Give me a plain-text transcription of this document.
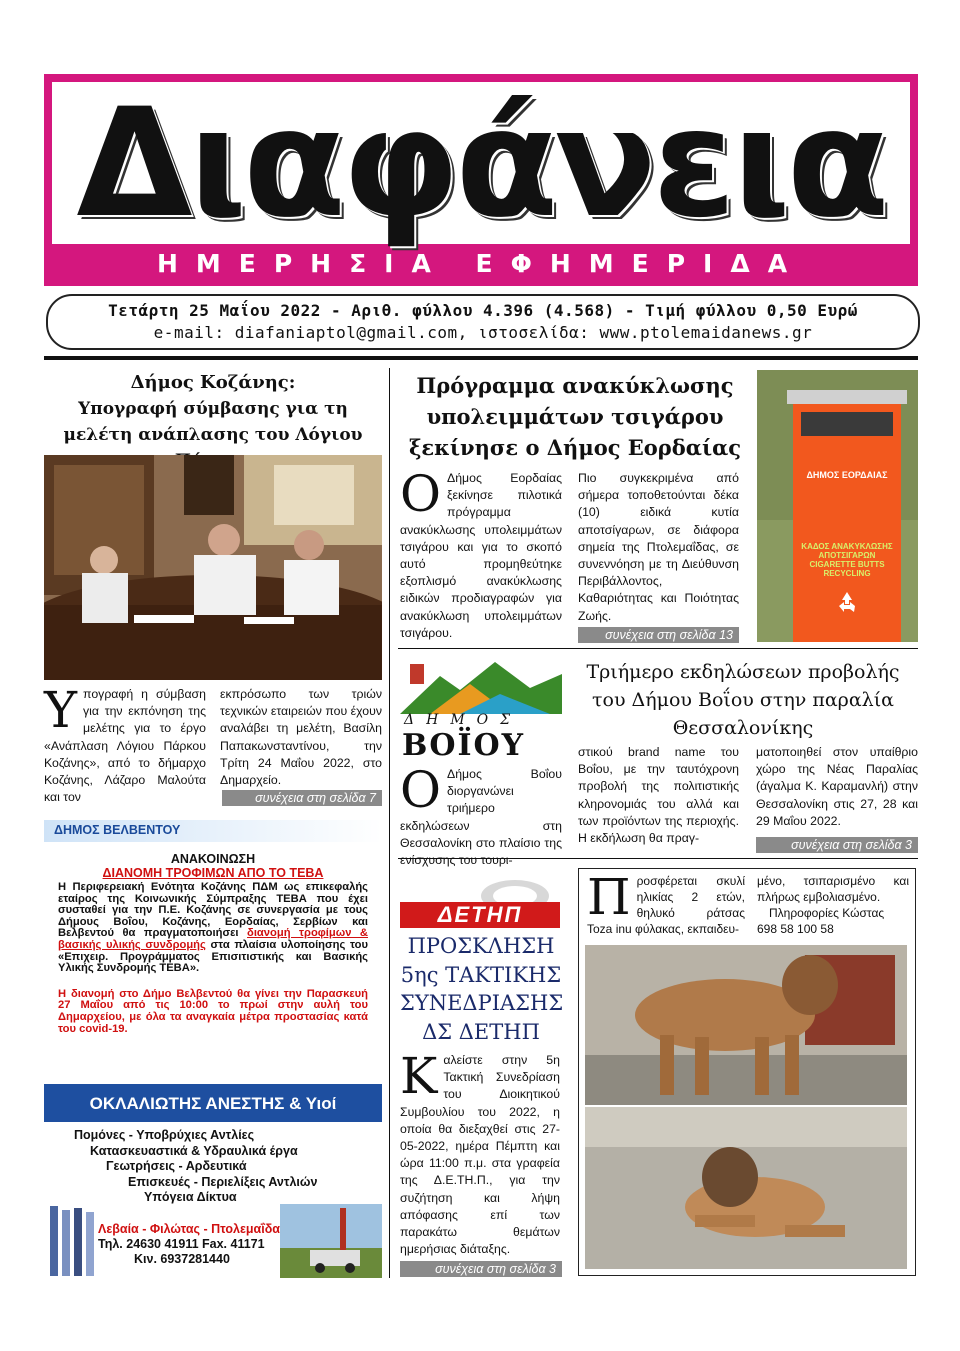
Διαφάνεια
ΗΜΕΡΗΣΙΑ ΕΦΗΜΕΡΙΔΑ
Τετάρτη 25 Μαΐου 2022 - Αριθ. φύλλου 4.396 (4.568) - Τιμή φύλλου 0,50 Ευρώ
e-mail: diafaniaptol@gmail.com, ιστοσελίδα: www.ptolemaidanews.gr
Δήμος Κοζάνης:
Υπογραφή σύμβασης για τη μελέτη ανάπλασης του Λόγιου
Υπογραφή η σύμβαση για την εκπόνηση της μελέτης για το έργο «Ανάπλαση Λόγιου Πάρκου Κοζάνης», από το δήμαρχο Κοζάνης, Λάζαρο Μαλούτα και τον
εκπρόσωπο των τριών τεχνικών εταιρειών που έχουν αναλάβει τη μελέτη, Βασίλη Παπακωνσταντίνου, την Τρίτη 24 Μαΐου 2022, στο Δημαρχείο.
συνέχεια στη σελίδα 7
ΔΗΜΟΣ ΒΕΛΒΕΝΤΟΥ
ΑΝΑΚΟΙΝΩΣΗ
ΔΙΑΝΟΜΗ ΤΡΟΦΙΜΩΝ ΑΠΟ ΤΟ ΤΕΒΑ
Η Περιφερειακή Ενότητα Κοζάνης ΠΔΜ ως επικεφαλής εταίρος της Κοινωνικής Σύμπραξης ΤΕΒΑ που έχει συσταθεί για την Π.Ε. Κοζάνης σε συνεργασία με τους Δήμους Βοΐου, Κοζάνης, Εορδαίας, Σερβίων και Βελβεντού θα πραγματοποιήσει διανομή τροφίμων & βασικής υλικής συνδρομής στα πλαίσια υλοποίησης του «Επιχειρ. Προγράμματος Επισιτιστικής και Βασικής Υλικής Συνδρομής ΤΕΒΑ».
Η διανομή στο Δήμο Βελβεντού θα γίνει την Παρασκευή 27 Μαΐου από τις 10:00 το πρωί στην αυλή του Δημαρχείου, με όλα τα αναγκαία μέτρα προστασίας κατά του covid-19.
ΟΚΛΑΛΙΩΤΗΣ ΑΝΕΣΤΗΣ & Υιοί
Πομόνες - Υποβρύχιες Αντλίες
Κατασκευαστικά & Υδραυλικά έργα
Γεωτρήσεις - Αρδευτικά
Επισκευές - Περιελίξεις Αντλιών
Υπόγεια Δίκτυα
Λεβαία - Φιλώτας - Πτολεμαΐδα
Τηλ. 24630 41911 Fax. 41171
Κιν. 6937281440
Πρόγραμμα ανακύκλωσης υπολειμμάτων τσιγάρου ξεκίνησε ο Δήμος Εορδαίας
Ο Δήμος Εορδαίας ξεκίνησε πιλοτικά πρόγραμμα ανακύκλωσης υπολειμμάτων τσιγάρου και για το σκοπό αυτό προμηθεύτηκε εξοπλισμό ανακύκλωσης ειδικών προδιαγραφών για ανακύκλωση υπολειμμάτων τσιγάρου.
Πιο συγκεκριμένα από σήμερα τοποθετούνται δέκα (10) ειδικά κυτία αποτσίγαρων, σε διάφορα σημεία της Πτολεμαΐδας, σε συνεννόηση με τη Διεύθυνση Περιβάλλοντος, Καθαριότητας και Ποιότητας Ζωής.
συνέχεια στη σελίδα 13
ΔΗΜΟΣ ΕΟΡΔΑΙΑΣ
ΚΑΔΟΣ ΑΝΑΚΥΚΛΩΣΗΣ ΑΠΟΤΣΙΓΑΡΩΝ CIGARETTE BUTTS RECYCLING
ΔΗΜΟΣ
ΒΟΪΟΥ
Τριήμερο εκδηλώσεων προβολής του Δήμου Βοΐου στην παραλία Θεσσαλονίκης
Ο Δήμος Βοΐου διοργανώνει τριήμερο εκδηλώσεων στη Θεσσαλονίκη στο πλαίσιο της ενίσχυσης του τουρι-
στικού brand name του Βοΐου, με την ταυτόχρονη προβολή της πολιτιστικής κληρονομιάς του αλλά και των προϊόντων της περιοχής. Η εκδήλωση θα πραγ-
ματοποιηθεί στον υπαίθριο χώρο της Νέας Παραλίας (άγαλμα Κ. Καραμανλή) στην Θεσσαλονίκη στις 27, 28 και 29 Μαΐου 2022.
συνέχεια στη σελίδα 3
ΔΕΤΗΠ
ΠΡΟΣΚΛΗΣΗ
5ης ΤΑΚΤΙΚΗΣ
ΣΥΝΕΔΡΙΑΣΗΣ
ΔΣ ΔΕΤΗΠ
Καλείστε στην 5η Τακτική Συνεδρίαση του Διοικητικού Συμβουλίου του 2022, η οποία θα διεξαχθεί στις 27-05-2022, ημέρα Πέμπτη και ώρα 11:00 π.μ. στα γραφεία της Δ.Ε.ΤΗ.Π., για την συζήτηση και λήψη απόφασης επί των παρακάτω θεμάτων ημερήσιας διάταξης.
συνέχεια στη σελίδα 3
Προσφέρεται σκυλί ηλικίας 2 ετών, θηλυκό ράτσας Τοza inu φύλακας, εκπαιδευ-
μένο, τσιπαρισμένο και πλήρως εμβολιασμένο.
Πληροφορίες Κώστας
698 58 100 58
